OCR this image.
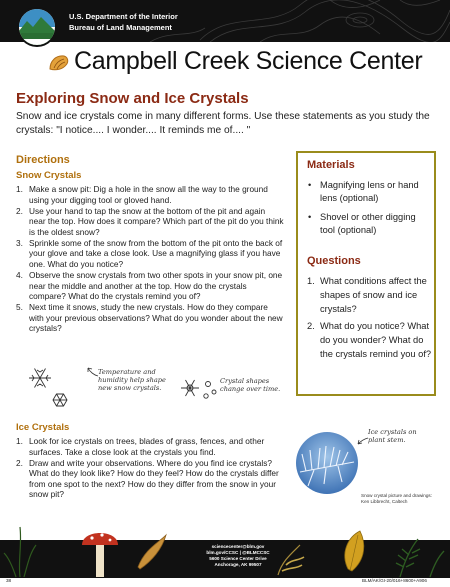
U.S. Department of the Interior
Bureau of Land Management
Campbell Creek Science Center
Exploring Snow and Ice Crystals
Snow and ice crystals come in many different forms. Use these statements as you study the crystals: "I notice.... I wonder.... It reminds me of.... "
Directions
Snow Crystals
1. Make a snow pit: Dig a hole in the snow all the way to the ground using your digging tool or gloved hand.
2. Use your hand to tap the snow at the bottom of the pit and again near the top. How does it compare? Which part of the pit do you think is the oldest snow?
3. Sprinkle some of the snow from the bottom of the pit onto the back of your glove and take a close look. Use a magnifying glass if you have one. What do you notice?
4. Observe the snow crystals from two other spots in your snow pit, one near the middle and another at the top. How do the crystals compare? What do the crystals remind you of?
5. Next time it snows, study the new crystals. How do they compare with your previous observations? What do you wonder about the new crystals?
Temperature and humidity help shape new snow crystals.
Crystal shapes change over time.
Ice Crystals
1. Look for ice crystals on trees, blades of grass, fences, and other surfaces. Take a close look at the crystals you find.
2. Draw and write your observations. Where do you find ice crystals? What do they look like? How do they feel? How do the crystals differ from one spot to the next? How do they differ from the snow in your snow pit?
Materials
• Magnifying lens or hand lens (optional)
• Shovel or other digging tool (optional)
Questions
1. What conditions affect the shapes of snow and ice crystals?
2. What do you notice? What do you wonder? What do the crystals remind you of?
Ice crystals on plant stem.
Snow crystal picture and drawings: Ken Libbrecht, Caltech
sciencecenter@blm.gov
blm.gov/CCSC | @BLMCCSC
5600 Science Center Drive
Anchorage, AK 99507
38	BLM/AK/GI-20/016+8600+A906
